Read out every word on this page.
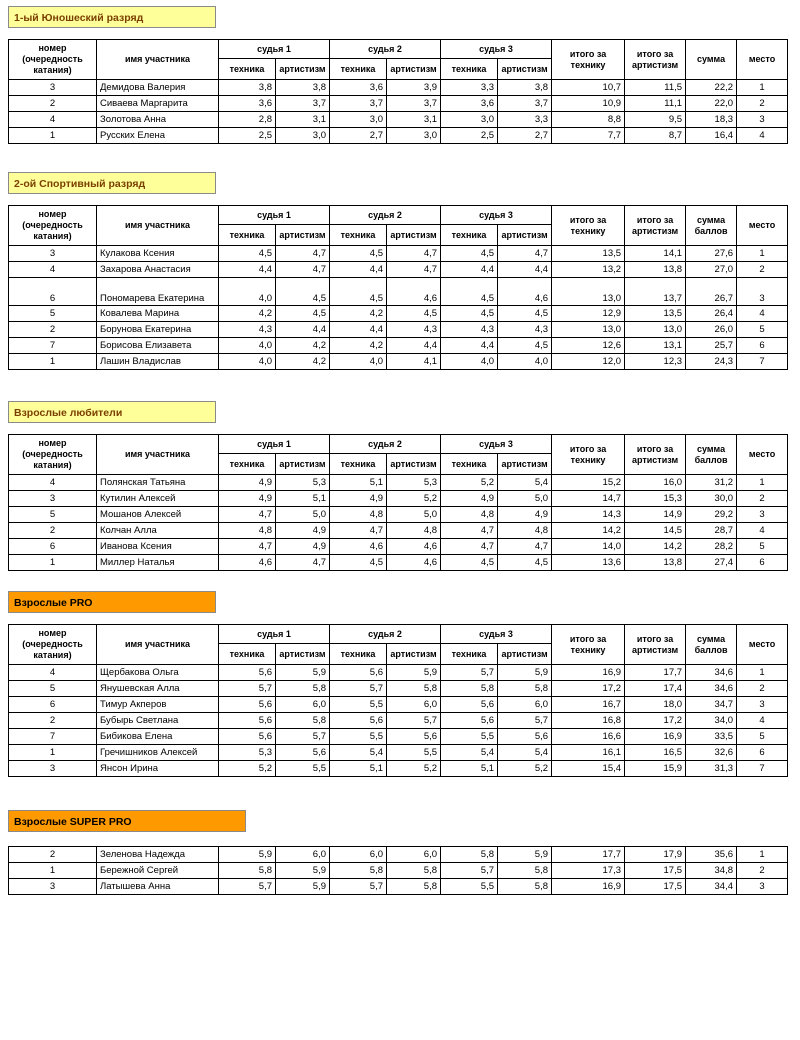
1-ый Юношеский разряд
номер (очередность катания)	имя участника	судья 1		судья 2		судья 3		итого за технику	итого за артистизм	сумма	место
		техника	артистизм	техника	артистизм	техника	артистизм				
3	Демидова Валерия	3,8	3,8	3,6	3,9	3,3	3,8	10,7	11,5	22,2	1
2	Сиваева Маргарита	3,6	3,7	3,7	3,7	3,6	3,7	10,9	11,1	22,0	2
4	Золотова Анна	2,8	3,1	3,0	3,1	3,0	3,3	8,8	9,5	18,3	3
1	Русских Елена	2,5	3,0	2,7	3,0	2,5	2,7	7,7	8,7	16,4	4
2-ой Спортивный разряд
номер (очередность катания)	имя участника	судья 1		судья 2		судья 3		итого за технику	итого за артистизм	сумма баллов	место
		техника	артистизм	техника	артистизм	техника	артистизм				
3	Кулакова Ксения	4,5	4,7	4,5	4,7	4,5	4,7	13,5	14,1	27,6	1
4	Захарова Анастасия	4,4	4,7	4,4	4,7	4,4	4,4	13,2	13,8	27,0	2
6	Пономарева Екатерина	4,0	4,5	4,5	4,6	4,5	4,6	13,0	13,7	26,7	3
5	Ковалева Марина	4,2	4,5	4,2	4,5	4,5	4,5	12,9	13,5	26,4	4
2	Борунова Екатерина	4,3	4,4	4,4	4,3	4,3	4,3	13,0	13,0	26,0	5
7	Борисова Елизавета	4,0	4,2	4,2	4,4	4,4	4,5	12,6	13,1	25,7	6
1	Лашин Владислав	4,0	4,2	4,0	4,1	4,0	4,0	12,0	12,3	24,3	7
Взрослые любители
номер (очередность катания)	имя участника	судья 1		судья 2		судья 3		итого за технику	итого за артистизм	сумма баллов	место
		техника	артистизм	техника	артистизм	техника	артистизм				
4	Полянская Татьяна	4,9	5,3	5,1	5,3	5,2	5,4	15,2	16,0	31,2	1
3	Кутилин Алексей	4,9	5,1	4,9	5,2	4,9	5,0	14,7	15,3	30,0	2
5	Мошанов Алексей	4,7	5,0	4,8	5,0	4,8	4,9	14,3	14,9	29,2	3
2	Колчан Алла	4,8	4,9	4,7	4,8	4,7	4,8	14,2	14,5	28,7	4
6	Иванова Ксения	4,7	4,9	4,6	4,6	4,7	4,7	14,0	14,2	28,2	5
1	Миллер Наталья	4,6	4,7	4,5	4,6	4,5	4,5	13,6	13,8	27,4	6
Взрослые PRO
номер (очередность катания)	имя участника	судья 1		судья 2		судья 3		итого за технику	итого за артистизм	сумма баллов	место
		техника	артистизм	техника	артистизм	техника	артистизм				
4	Щербакова Ольга	5,6	5,9	5,6	5,9	5,7	5,9	16,9	17,7	34,6	1
5	Янушевская Алла	5,7	5,8	5,7	5,8	5,8	5,8	17,2	17,4	34,6	2
6	Тимур Акперов	5,6	6,0	5,5	6,0	5,6	6,0	16,7	18,0	34,7	3
2	Бубырь Светлана	5,6	5,8	5,6	5,7	5,6	5,7	16,8	17,2	34,0	4
7	Бибикова Елена	5,6	5,7	5,5	5,6	5,5	5,6	16,6	16,9	33,5	5
1	Гречишников Алексей	5,3	5,6	5,4	5,5	5,4	5,4	16,1	16,5	32,6	6
3	Янсон Ирина	5,2	5,5	5,1	5,2	5,1	5,2	15,4	15,9	31,3	7
Взрослые SUPER PRO
2	Зеленова Надежда	5,9	6,0	6,0	6,0	5,8	5,9	17,7	17,9	35,6	1
1	Бережной Сергей	5,8	5,9	5,8	5,8	5,7	5,8	17,3	17,5	34,8	2
3	Латышева Анна	5,7	5,9	5,7	5,8	5,5	5,8	16,9	17,5	34,4	3
